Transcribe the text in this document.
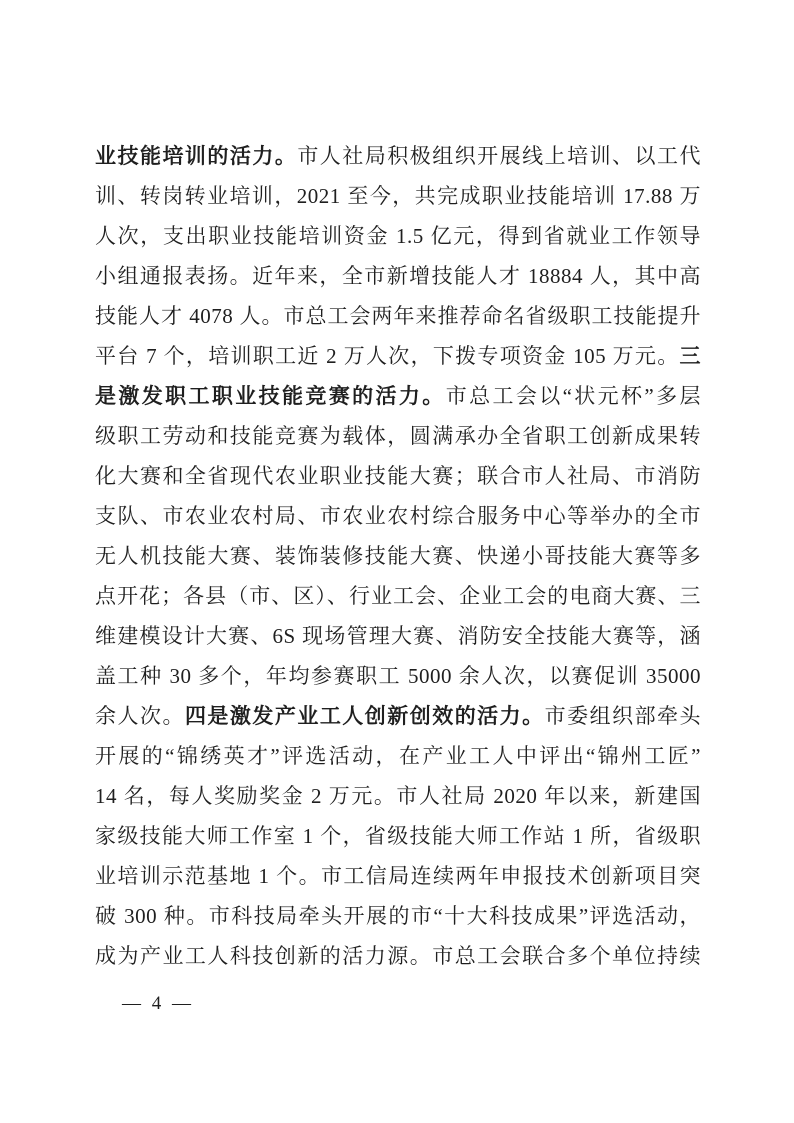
业技能培训的活力。市人社局积极组织开展线上培训、以工代
训、转岗转业培训，2021 至今，共完成职业技能培训 17.88 万
人次，支出职业技能培训资金 1.5 亿元，得到省就业工作领导
小组通报表扬。近年来，全市新增技能人才 18884 人，其中高
技能人才 4078 人。市总工会两年来推荐命名省级职工技能提升
平台 7 个，培训职工近 2 万人次，下拨专项资金 105 万元。三
是激发职工职业技能竞赛的活力。市总工会以“状元杯”多层
级职工劳动和技能竞赛为载体，圆满承办全省职工创新成果转
化大赛和全省现代农业职业技能大赛；联合市人社局、市消防
支队、市农业农村局、市农业农村综合服务中心等举办的全市
无人机技能大赛、装饰装修技能大赛、快递小哥技能大赛等多
点开花；各县（市、区）、行业工会、企业工会的电商大赛、三
维建模设计大赛、6S 现场管理大赛、消防安全技能大赛等，涵
盖工种 30 多个，年均参赛职工 5000 余人次，以赛促训 35000
余人次。四是激发产业工人创新创效的活力。市委组织部牵头
开展的“锦绣英才”评选活动，在产业工人中评出“锦州工匠”
14 名，每人奖励奖金 2 万元。市人社局 2020 年以来，新建国
家级技能大师工作室 1 个，省级技能大师工作站 1 所，省级职
业培训示范基地 1 个。市工信局连续两年申报技术创新项目突
破 300 种。市科技局牵头开展的市“十大科技成果”评选活动，
成为产业工人科技创新的活力源。市总工会联合多个单位持续
— 4 —
